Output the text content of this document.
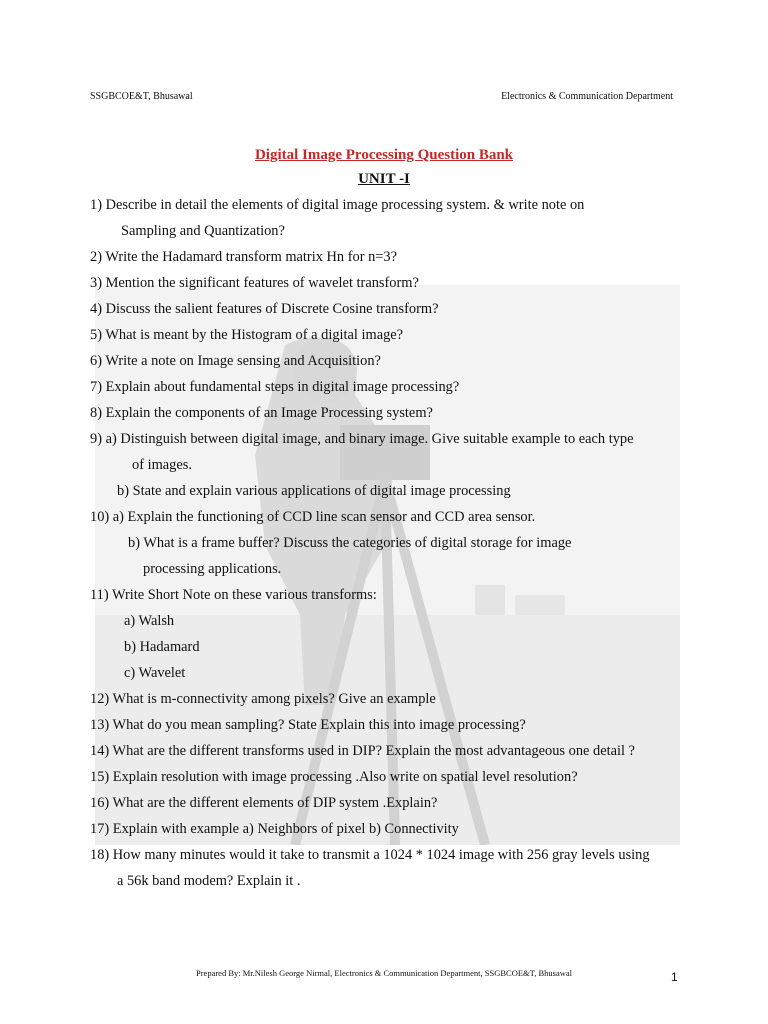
SSGBCOE&T, Bhusawal	Electronics & Communication Department
Digital Image Processing Question Bank
UNIT -I
1) Describe in detail the elements of digital image processing system. & write note on
Sampling and Quantization?
2) Write the Hadamard transform matrix Hn for n=3?
3) Mention the significant features of wavelet transform?
4) Discuss the salient features of Discrete Cosine transform?
5) What is meant by the Histogram of a digital image?
6) Write a note on Image sensing and Acquisition?
7) Explain about fundamental steps in digital image processing?
8) Explain the components of an Image Processing system?
9) a) Distinguish between digital image, and binary image. Give suitable example to each type
of images.
b) State and explain various applications of digital image processing
10) a) Explain the functioning of CCD line scan sensor and CCD area sensor.
b) What is a frame buffer? Discuss the categories of digital storage for image
processing applications.
11) Write Short Note on these various transforms:
a) Walsh
b) Hadamard
c) Wavelet
12) What is m-connectivity among pixels? Give an example
13) What do you mean sampling? State Explain this into image processing?
14) What are the different transforms used in DIP? Explain the most advantageous one detail ?
15) Explain resolution with image processing .Also write on spatial level resolution?
16) What are the different elements of DIP system .Explain?
17) Explain with example a) Neighbors of pixel b) Connectivity
18) How many minutes would it take to transmit a 1024 * 1024 image with 256 gray levels using
a 56k band modem? Explain it .
Prepared By: Mr.Nilesh George Nirmal, Electronics & Communication Department, SSGBCOE&T, Bhusawal	1
